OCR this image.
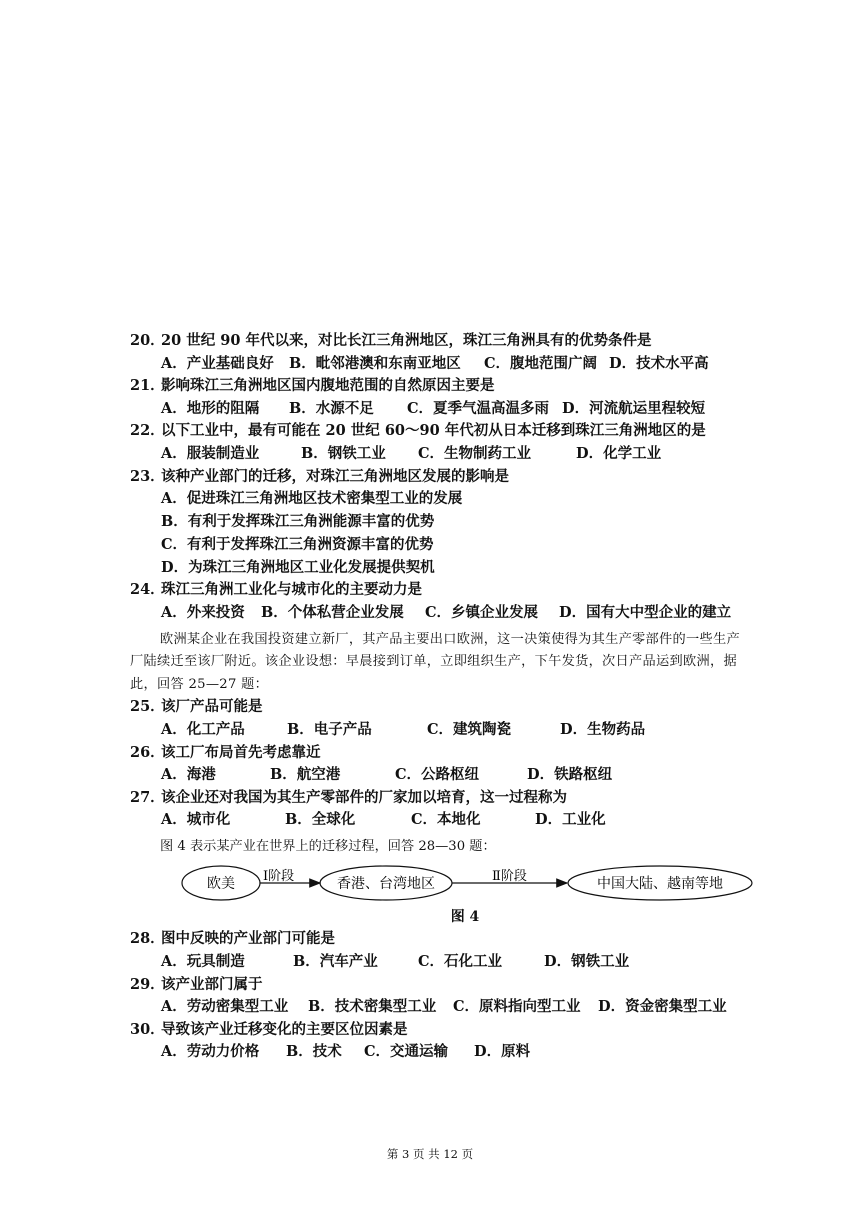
20．20 世纪 90 年代以来，对比长江三角洲地区，珠江三角洲具有的优势条件是
A．产业基础良好	B．毗邻港澳和东南亚地区	C．腹地范围广阔 D．技术水平高
21．影响珠江三角洲地区国内腹地范围的自然原因主要是
A．地形的阻隔	B．水源不足	C．夏季气温高温多雨 D．河流航运里程较短
22．以下工业中，最有可能在 20 世纪 60～90 年代初从日本迁移到珠江三角洲地区的是
A．服装制造业	B．钢铁工业	C．生物制药工业	D．化学工业
23．该种产业部门的迁移，对珠江三角洲地区发展的影响是
A．促进珠江三角洲地区技术密集型工业的发展
B．有利于发挥珠江三角洲能源丰富的优势
C．有利于发挥珠江三角洲资源丰富的优势
D．为珠江三角洲地区工业化发展提供契机
24．珠江三角洲工业化与城市化的主要动力是
A．外来投资	B．个体私营企业发展	C．乡镇企业发展	D．国有大中型企业的建立
欧洲某企业在我国投资建立新厂，其产品主要出口欧洲，这一决策使得为其生产零部件的一些生产厂陆续迁至该厂附近。该企业设想：早晨接到订单，立即组织生产，下午发货，次日产品运到欧洲，据此，回答 25—27 题：
25．该厂产品可能是
A．化工产品	B．电子产品	C．建筑陶瓷	D．生物药品
26．该工厂布局首先考虑靠近
A．海港	B．航空港	C．公路枢纽	D．铁路枢纽
27．该企业还对我国为其生产零部件的厂家加以培育，这一过程称为
A．城市化	B．全球化	C．本地化	D．工业化
图 4 表示某产业在世界上的迁移过程，回答 28—30 题：
欧美 Ⅰ阶段	香港、台湾地区	Ⅱ阶段	中国大陆、越南等地
图 4
28．图中反映的产业部门可能是
A．玩具制造	B．汽车产业	C．石化工业	D．钢铁工业
29．该产业部门属于
A．劳动密集型工业	B．技术密集型工业	C．原料指向型工业	D．资金密集型工业
30．导致该产业迁移变化的主要区位因素是
A．劳动力价格	B．技术	C．交通运输	D．原料
第 3 页 共 12 页
